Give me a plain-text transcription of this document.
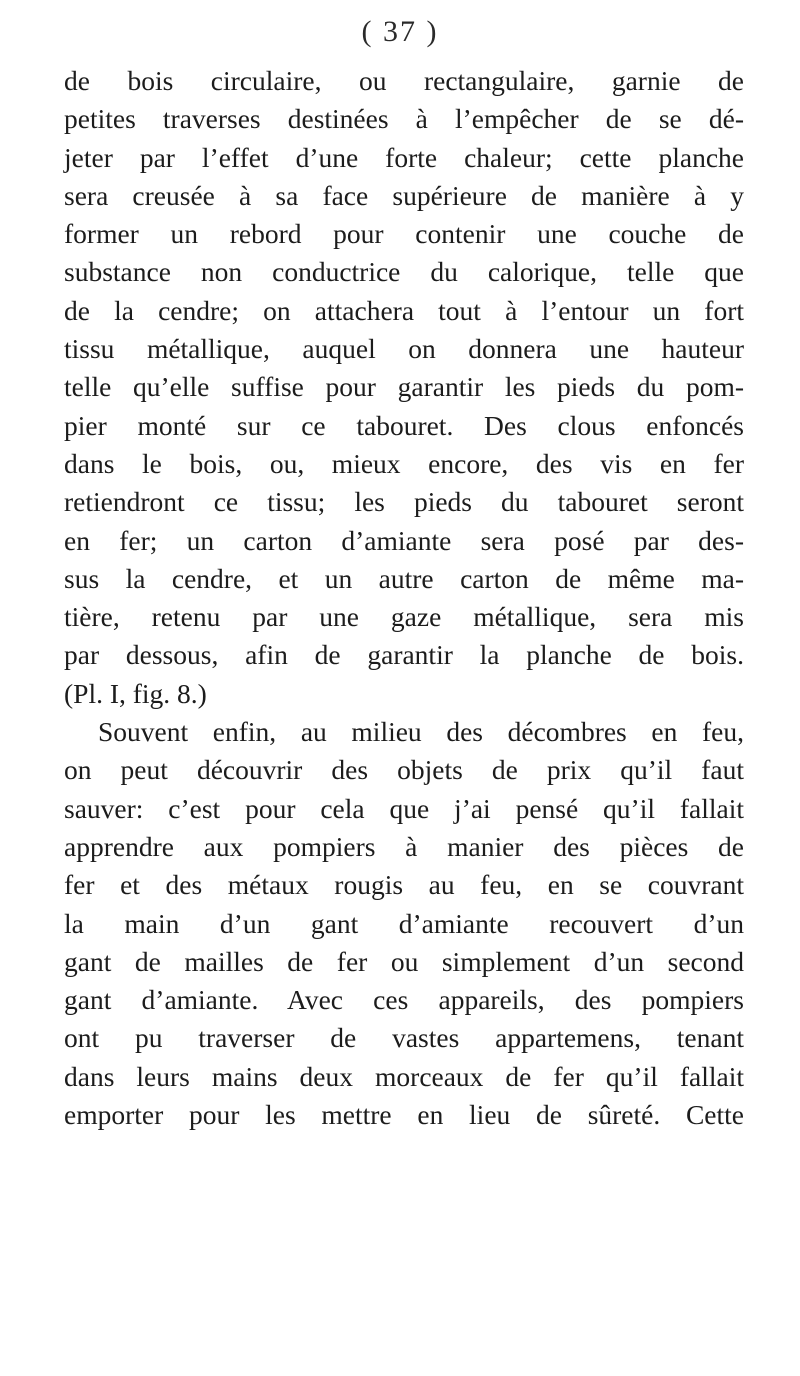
( 37 )
de bois circulaire, ou rectangulaire, garnie de
petites traverses destinées à l’empêcher de se dé-
jeter par l’effet d’une forte chaleur; cette planche
sera creusée à sa face supérieure de manière à y
former un rebord pour contenir une couche de
substance non conductrice du calorique, telle que
de la cendre; on attachera tout à l’entour un fort
tissu métallique, auquel on donnera une hauteur
telle qu’elle suffise pour garantir les pieds du pom-
pier monté sur ce tabouret. Des clous enfoncés
dans le bois, ou, mieux encore, des vis en fer
retiendront ce tissu; les pieds du tabouret seront
en fer; un carton d’amiante sera posé par des-
sus la cendre, et un autre carton de même ma-
tière, retenu par une gaze métallique, sera mis
par dessous, afin de garantir la planche de bois.
(Pl. I, fig. 8.)
Souvent enfin, au milieu des décombres en feu,
on peut découvrir des objets de prix qu’il faut
sauver: c’est pour cela que j’ai pensé qu’il fallait
apprendre aux pompiers à manier des pièces de
fer et des métaux rougis au feu, en se couvrant
la main d’un gant d’amiante recouvert d’un
gant de mailles de fer ou simplement d’un second
gant d’amiante. Avec ces appareils, des pompiers
ont pu traverser de vastes appartemens, tenant
dans leurs mains deux morceaux de fer qu’il fallait
emporter pour les mettre en lieu de sûreté. Cette
